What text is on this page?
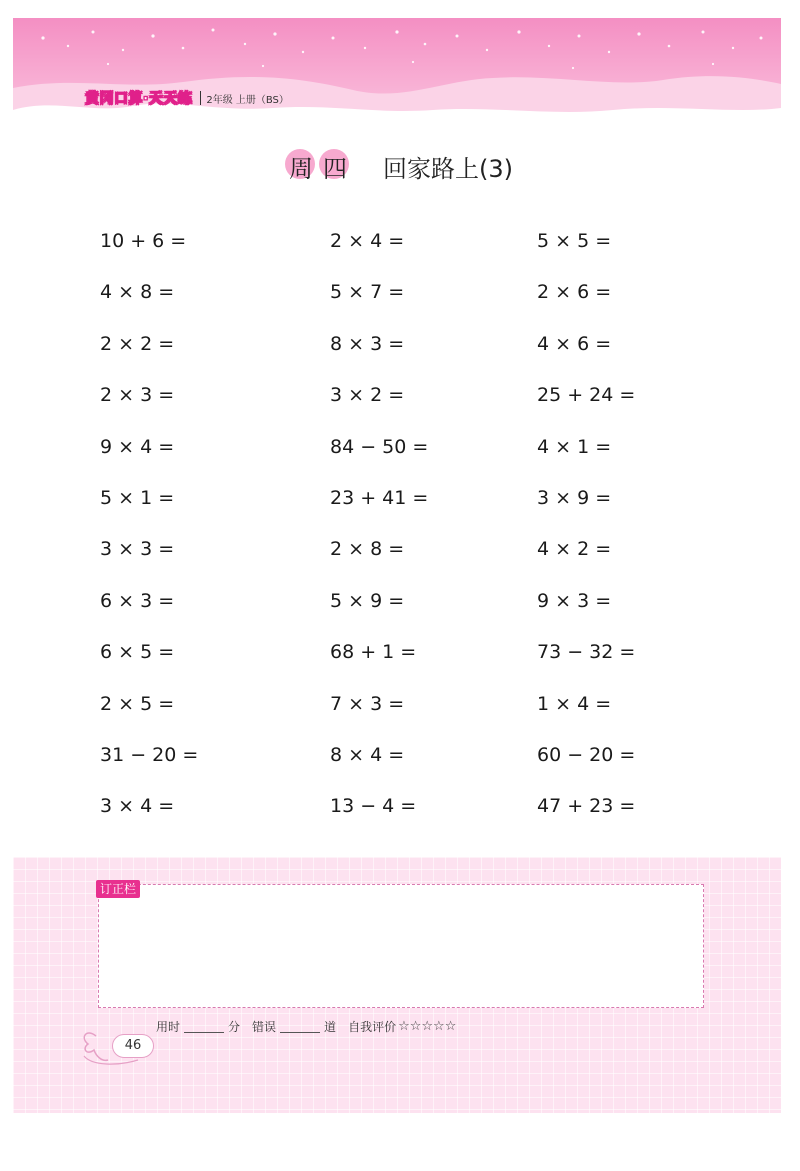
黄冈口算·天天练 2年级 上册（BS）
周四 回家路上(3)
10 + 6 =	2 × 4 =	5 × 5 =
4 × 8 =	5 × 7 =	2 × 6 =
2 × 2 =	8 × 3 =	4 × 6 =
2 × 3 =	3 × 2 =	25 + 24 =
9 × 4 =	84 − 50 =	4 × 1 =
5 × 1 =	23 + 41 =	3 × 9 =
3 × 3 =	2 × 8 =	4 × 2 =
6 × 3 =	5 × 9 =	9 × 3 =
6 × 5 =	68 + 1 =	73 − 32 =
2 × 5 =	7 × 3 =	1 × 4 =
31 − 20 =	8 × 4 =	60 − 20 =
3 × 4 =	13 − 4 =	47 + 23 =
订正栏
用时	分 错误	道 自我评价 ☆☆☆☆☆
46
